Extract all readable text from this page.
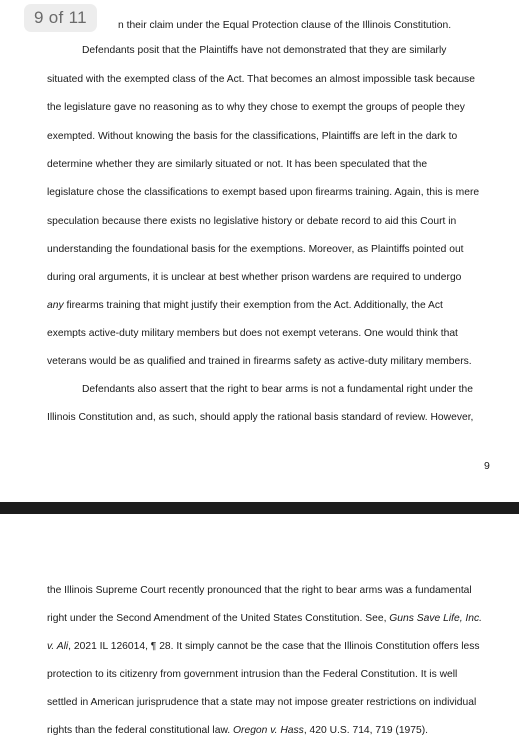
9 of 11	n their claim under the Equal Protection clause of the Illinois Constitution.
Defendants posit that the Plaintiffs have not demonstrated that they are similarly
situated with the exempted class of the Act. That becomes an almost impossible task because
the legislature gave no reasoning as to why they chose to exempt the groups of people they
exempted. Without knowing the basis for the classifications, Plaintiffs are left in the dark to
determine whether they are similarly situated or not. It has been speculated that the
legislature chose the classifications to exempt based upon firearms training. Again, this is mere
speculation because there exists no legislative history or debate record to aid this Court in
understanding the foundational basis for the exemptions. Moreover, as Plaintiffs pointed out
during oral arguments, it is unclear at best whether prison wardens are required to undergo
any firearms training that might justify their exemption from the Act. Additionally, the Act
exempts active-duty military members but does not exempt veterans. One would think that
veterans would be as qualified and trained in firearms safety as active-duty military members.
Defendants also assert that the right to bear arms is not a fundamental right under the
Illinois Constitution and, as such, should apply the rational basis standard of review. However,
9
the Illinois Supreme Court recently pronounced that the right to bear arms was a fundamental
right under the Second Amendment of the United States Constitution. See, Guns Save Life, Inc.
v. Ali, 2021 IL 126014, ¶ 28. It simply cannot be the case that the Illinois Constitution offers less
protection to its citizenry from government intrusion than the Federal Constitution. It is well
settled in American jurisprudence that a state may not impose greater restrictions on individual
rights than the federal constitutional law. Oregon v. Hass, 420 U.S. 714, 719 (1975).
